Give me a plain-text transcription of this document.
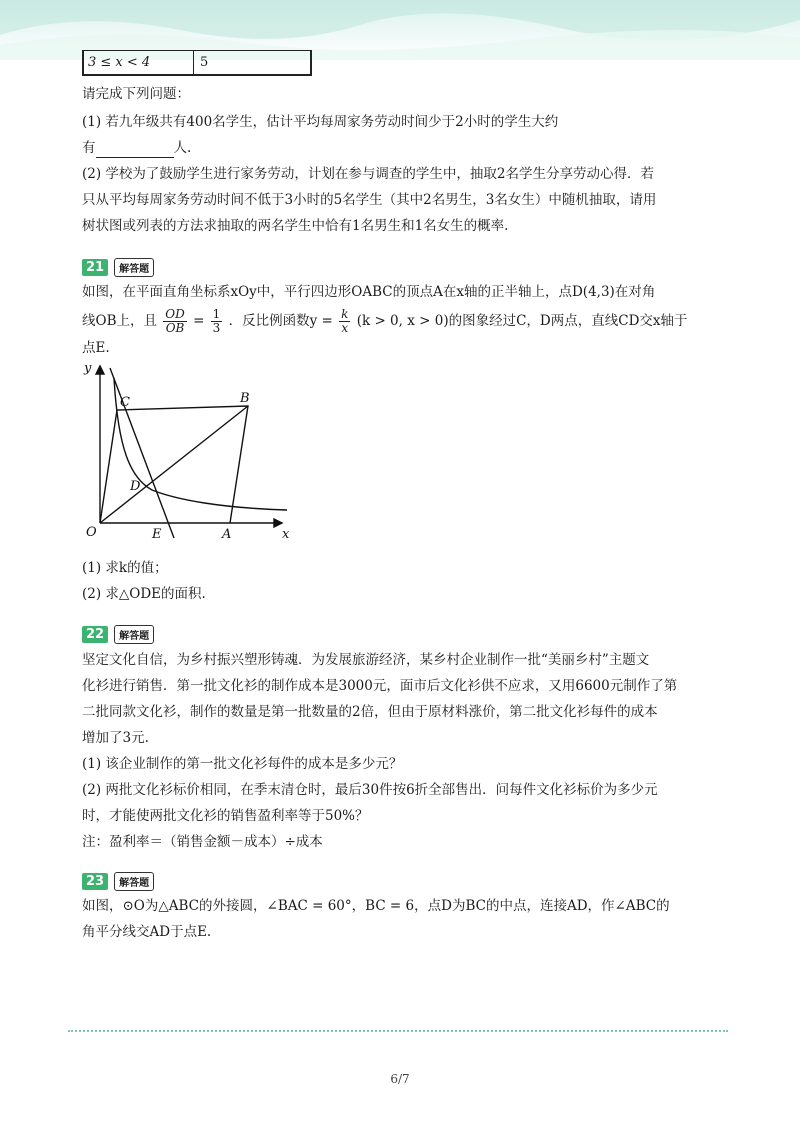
3 ≤ x < 4	5
请完成下列问题：
(1) 若九年级共有400名学生，估计平均每周家务劳动时间少于2小时的学生大约
有	人.
(2) 学校为了鼓励学生进行家务劳动，计划在参与调查的学生中，抽取2名学生分享劳动心得．若
只从平均每周家务劳动时间不低于3小时的5名学生（其中2名男生，3名女生）中随机抽取，请用
树状图或列表的方法求抽取的两名学生中恰有1名男生和1名女生的概率.
21	解答题
如图，在平面直角坐标系xOy中，平行四边形OABC的顶点A在x轴的正半轴上，点D(4,3)在对角
线OB上，且 $\frac{OD}{OB} = \frac{1}{3}$ ．反比例函数$y = \frac{k}{x} (k > 0$, x > 0)的图象经过C，D两点，直线CD交x轴于
点E.
y
x
C	B
D
O	E	A
(1) 求k的值；
(2) 求△ODE的面积.
22	解答题
坚定文化自信，为乡村振兴塑形铸魂．为发展旅游经济，某乡村企业制作一批“美丽乡村”主题文
化衫进行销售．第一批文化衫的制作成本是3000元，面市后文化衫供不应求，又用6600元制作了第
二批同款文化衫，制作的数量是第一批数量的2倍，但由于原材料涨价，第二批文化衫每件的成本
增加了3元.
(1) 该企业制作的第一批文化衫每件的成本是多少元？
(2) 两批文化衫标价相同，在季末清仓时，最后30件按6折全部售出．问每件文化衫标价为多少元
时，才能使两批文化衫的销售盈利率等于50%？
注：盈利率＝（销售金额－成本）÷成本
23	解答题
如图，⊙O为△ABC的外接圆，∠BAC = 60°，BC = 6，点D为BC的中点，连接AD，作∠ABC的
角平分线交AD于点E.
6/7
